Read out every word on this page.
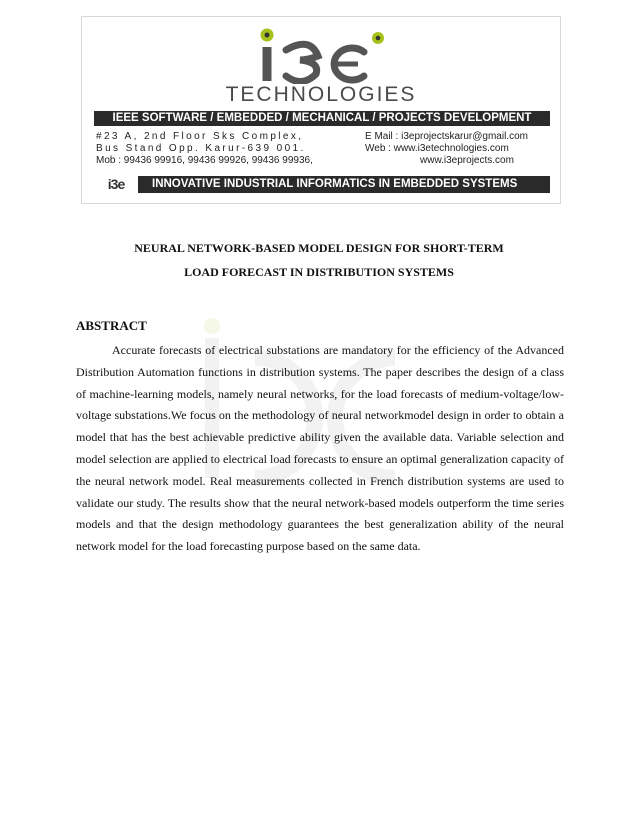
TECHNOLOGIES
IEEE SOFTWARE / EMBEDDED / MECHANICAL / PROJECTS DEVELOPMENT
#23 A, 2nd Floor Sks Complex,
Bus Stand Opp. Karur-639 001.
Mob : 99436 99916, 99436 99926, 99436 99936,
E Mail : i3eprojectskarur@gmail.com
Web : www.i3etechnologies.com
www.i3eprojects.com
i3e	INNOVATIVE INDUSTRIAL INFORMATICS IN EMBEDDED SYSTEMS
NEURAL NETWORK-BASED MODEL DESIGN FOR SHORT-TERM
LOAD FORECAST IN DISTRIBUTION SYSTEMS
ABSTRACT

Accurate forecasts of electrical substations are mandatory for the efficiency of the Advanced Distribution Automation functions in distribution systems. The paper describes the design of a class of machine-learning models, namely neural networks, for the load forecasts of medium-voltage/low-voltage substations.We focus on the methodology of neural networkmodel design in order to obtain a model that has the best achievable predictive ability given the available data. Variable selection and model selection are applied to electrical load forecasts to ensure an optimal generalization capacity of the neural network model. Real measurements collected in French distribution systems are used to validate our study. The results show that the neural network-based models outperform the time series models and that the design methodology guarantees the best generalization ability of the neural network model for the load forecasting purpose based on the same data.
